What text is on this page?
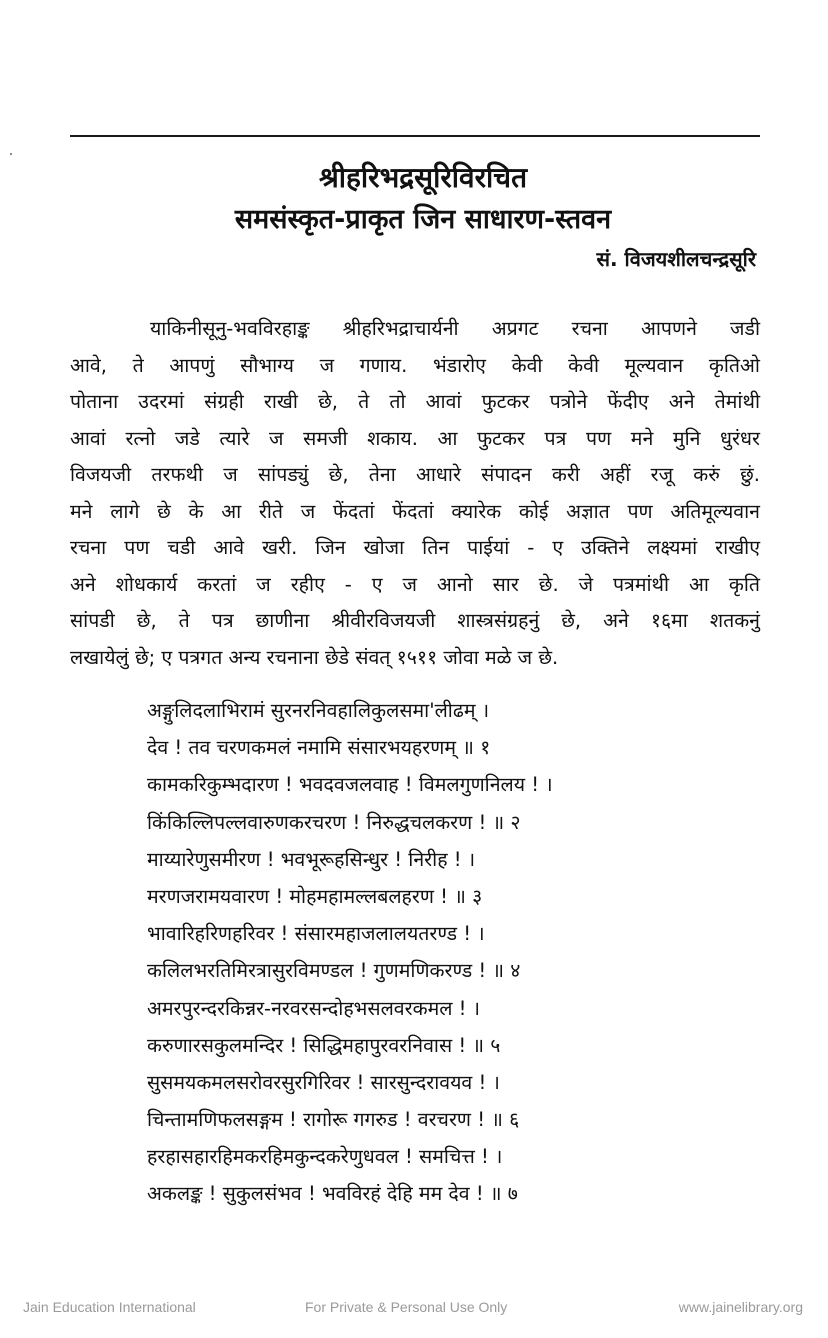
श्रीहरिभद्रसूरिविरचित
समसंस्कृत-प्राकृत जिन साधारण-स्तवन
सं. विजयशीलचन्द्रसूरि
याकिनीसूनु-भवविरहाङ्क श्रीहरिभद्राचार्यनी अप्रगट रचना आपणने जडी
आवे, ते आपणुं सौभाग्य ज गणाय. भंडारोए केवी केवी मूल्यवान कृतिओ
पोताना उदरमां संग्रही राखी छे, ते तो आवां फुटकर पत्रोने फेंदीए अने तेमांथी
आवां रत्नो जडे त्यारे ज समजी शकाय. आ फुटकर पत्र पण मने मुनि धुरंधर
विजयजी तरफथी ज सांपड्युं छे, तेना आधारे संपादन करी अहीं रजू करुं छुं.
मने लागे छे के आ रीते ज फेंदतां फेंदतां क्यारेक कोई अज्ञात पण अतिमूल्यवान
रचना पण चडी आवे खरी. जिन खोजा तिन पाईयां - ए उक्तिने लक्ष्यमां राखीए
अने शोधकार्य करतां ज रहीए - ए ज आनो सार छे. जे पत्रमांथी आ कृति
सांपडी छे, ते पत्र छाणीना श्रीवीरविजयजी शास्त्रसंग्रहनुं छे, अने १६मा शतकनुं
लखायेलुं छे; ए पत्रगत अन्य रचनाना छेडे संवत् १५११ जोवा मळे ज छे.
अङ्गुलिदलाभिरामं सुरनरनिवहालिकुलसमा'लीढम् ।
देव ! तव चरणकमलं नमामि संसारभयहरणम् ॥ १
कामकरिकुम्भदारण ! भवदवजलवाह ! विमलगुणनिलय ! ।
किंकिल्लिपल्लवारुणकरचरण ! निरुद्धचलकरण ! ॥ २
माय्यारेणुसमीरण ! भवभूरूहसिन्धुर ! निरीह ! ।
मरणजरामयवारण ! मोहमहामल्लबलहरण ! ॥ ३
भावारिहरिणहरिवर ! संसारमहाजलालयतरण्ड ! ।
कलिलभरतिमिरत्रासुरविमण्डल ! गुणमणिकरण्ड ! ॥ ४
अमरपुरन्दरकिन्नर-नरवरसन्दोहभसलवरकमल ! ।
करुणारसकुलमन्दिर ! सिद्धिमहापुरवरनिवास ! ॥ ५
सुसमयकमलसरोवरसुरगिरिवर ! सारसुन्दरावयव ! ।
चिन्तामणिफलसङ्गम ! रागोरू गगरुड ! वरचरण ! ॥ ६
हरहासहारहिमकरहिमकुन्दकरेणुधवल ! समचित्त ! ।
अकलङ्क ! सुकुलसंभव ! भवविरहं देहि मम देव ! ॥ ७
Jain Education International	For Private & Personal Use Only	www.jainelibrary.org
